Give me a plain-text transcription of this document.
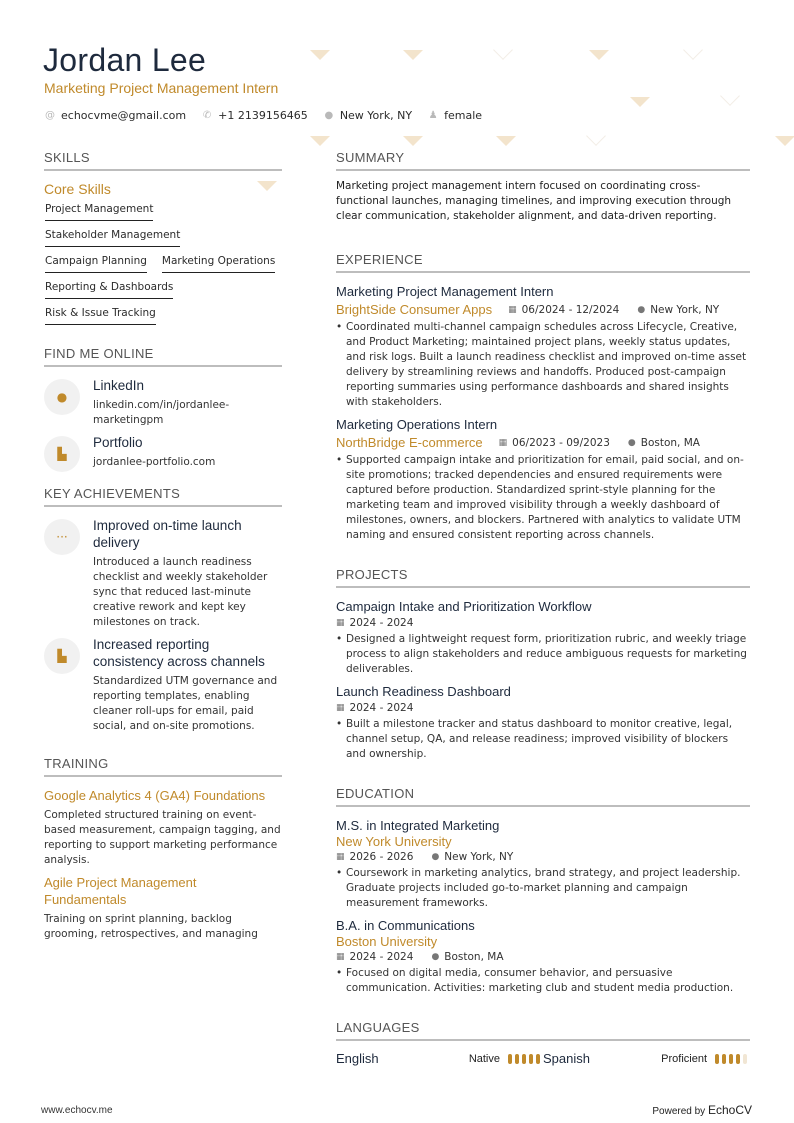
Jordan Lee
Marketing Project Management Intern
@ echocvme@gmail.com ✆ +1 2139156465 ● New York, NY ♟ female
SKILLS
Core Skills
Project Management
Stakeholder Management
Campaign Planning Marketing Operations
Reporting & Dashboards
Risk & Issue Tracking
FIND ME ONLINE
●
LinkedIn
linkedin.com/in/jordanlee-marketingpm
▙
Portfolio
jordanlee-portfolio.com
KEY ACHIEVEMENTS
···
Improved on-time launch delivery
Introduced a launch readiness checklist and weekly stakeholder sync that reduced last-minute creative rework and kept key milestones on track.
▙
Increased reporting consistency across channels
Standardized UTM governance and reporting templates, enabling cleaner roll-ups for email, paid social, and on-site promotions.
TRAINING
Google Analytics 4 (GA4) Foundations
Completed structured training on event-based measurement, campaign tagging, and reporting to support marketing performance analysis.
Agile Project Management Fundamentals
Training on sprint planning, backlog grooming, retrospectives, and managing
SUMMARY
Marketing project management intern focused on coordinating cross-functional launches, managing timelines, and improving execution through clear communication, stakeholder alignment, and data-driven reporting.
EXPERIENCE
Marketing Project Management Intern
BrightSide Consumer Apps ▦ 06/2024 - 12/2024 ● New York, NY
• Coordinated multi-channel campaign schedules across Lifecycle, Creative, and Product Marketing; maintained project plans, weekly status updates, and risk logs. Built a launch readiness checklist and improved on-time asset delivery by streamlining reviews and handoffs. Produced post-campaign reporting summaries using performance dashboards and shared insights with stakeholders.
Marketing Operations Intern
NorthBridge E-commerce ▦ 06/2023 - 09/2023 ● Boston, MA
• Supported campaign intake and prioritization for email, paid social, and on-site promotions; tracked dependencies and ensured requirements were captured before production. Standardized sprint-style planning for the marketing team and improved visibility through a weekly dashboard of milestones, owners, and blockers. Partnered with analytics to validate UTM naming and ensured consistent reporting across channels.
PROJECTS
Campaign Intake and Prioritization Workflow
▦ 2024 - 2024
• Designed a lightweight request form, prioritization rubric, and weekly triage process to align stakeholders and reduce ambiguous requests for marketing deliverables.
Launch Readiness Dashboard
▦ 2024 - 2024
• Built a milestone tracker and status dashboard to monitor creative, legal, channel setup, QA, and release readiness; improved visibility of blockers and ownership.
EDUCATION
M.S. in Integrated Marketing
New York University
▦ 2026 - 2026 ● New York, NY
• Coursework in marketing analytics, brand strategy, and project leadership. Graduate projects included go-to-market planning and campaign measurement frameworks.
B.A. in Communications
Boston University
▦ 2024 - 2024 ● Boston, MA
• Focused on digital media, consumer behavior, and persuasive communication. Activities: marketing club and student media production.
LANGUAGES
English	Native	Spanish	Proficient
www.echocv.me	Powered by EchoCV
